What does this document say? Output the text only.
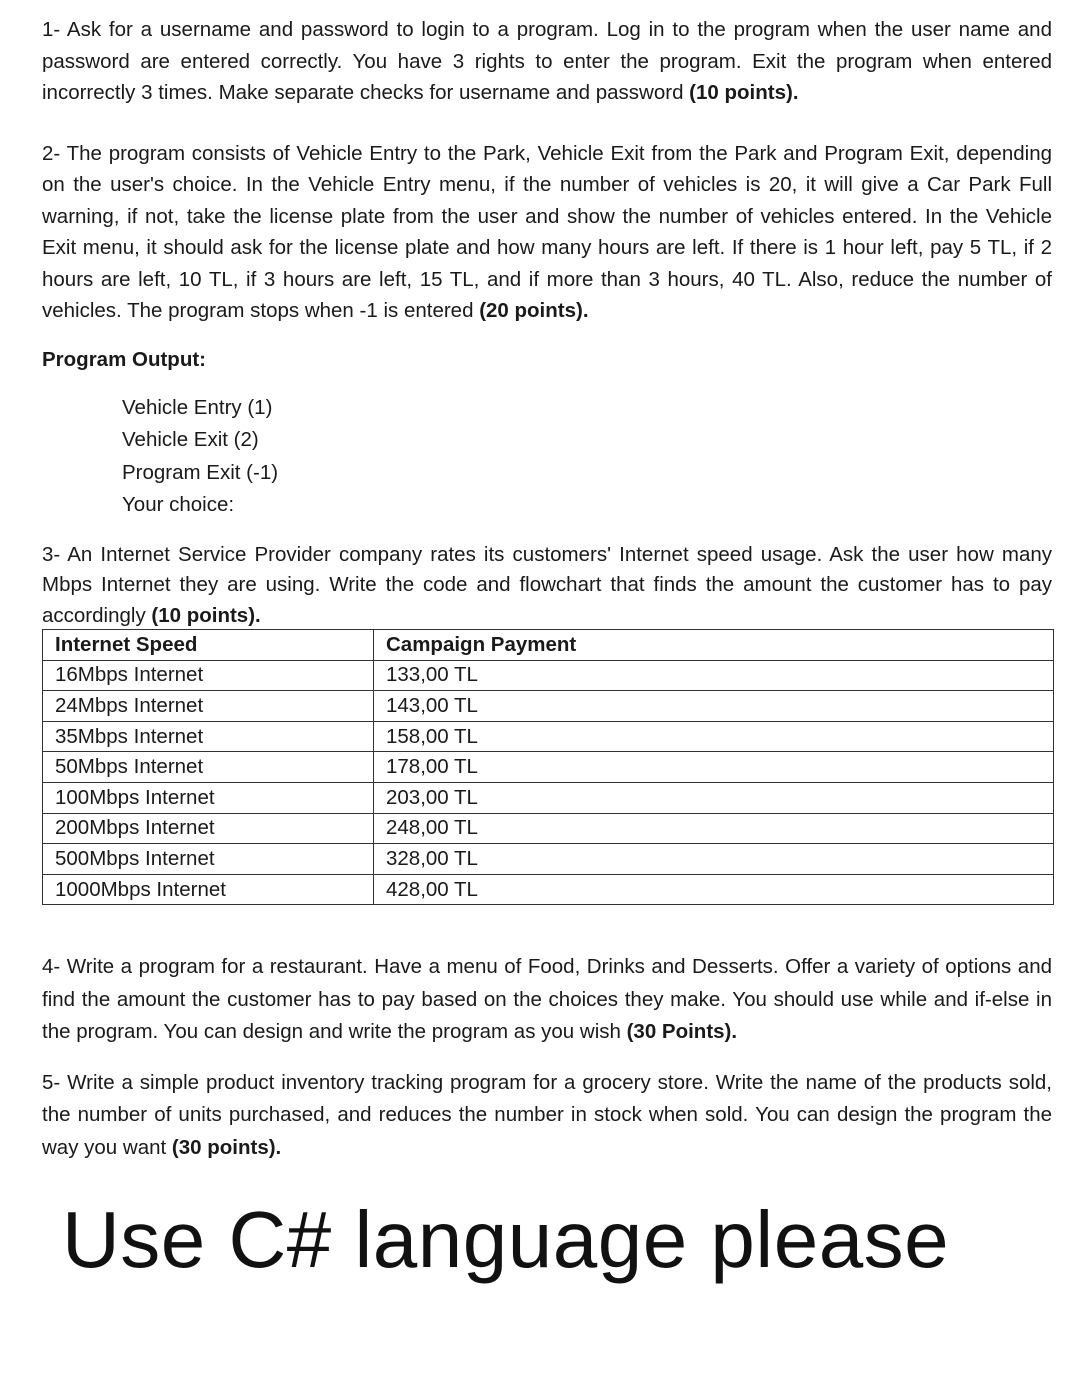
1- Ask for a username and password to login to a program. Log in to the program when the user name and password are entered correctly. You have 3 rights to enter the program. Exit the program when entered incorrectly 3 times. Make separate checks for username and password (10 points).

2- The program consists of Vehicle Entry to the Park, Vehicle Exit from the Park and Program Exit, depending on the user's choice. In the Vehicle Entry menu, if the number of vehicles is 20, it will give a Car Park Full warning, if not, take the license plate from the user and show the number of vehicles entered. In the Vehicle Exit menu, it should ask for the license plate and how many hours are left. If there is 1 hour left, pay 5 TL, if 2 hours are left, 10 TL, if 3 hours are left, 15 TL, and if more than 3 hours, 40 TL. Also, reduce the number of vehicles. The program stops when -1 is entered (20 points).

Program Output:
Vehicle Entry (1)
Vehicle Exit (2)
Program Exit (-1)
Your choice:

3- An Internet Service Provider company rates its customers' Internet speed usage. Ask the user how many Mbps Internet they are using. Write the code and flowchart that finds the amount the customer has to pay accordingly (10 points).

Internet Speed	Campaign Payment
16Mbps Internet	133,00 TL
24Mbps Internet	143,00 TL
35Mbps Internet	158,00 TL
50Mbps Internet	178,00 TL
100Mbps Internet	203,00 TL
200Mbps Internet	248,00 TL
500Mbps Internet	328,00 TL
1000Mbps Internet	428,00 TL

4- Write a program for a restaurant. Have a menu of Food, Drinks and Desserts. Offer a variety of options and find the amount the customer has to pay based on the choices they make. You should use while and if-else in the program. You can design and write the program as you wish (30 Points).

5- Write a simple product inventory tracking program for a grocery store. Write the name of the products sold, the number of units purchased, and reduces the number in stock when sold. You can design the program the way you want (30 points).

Use C# language please
